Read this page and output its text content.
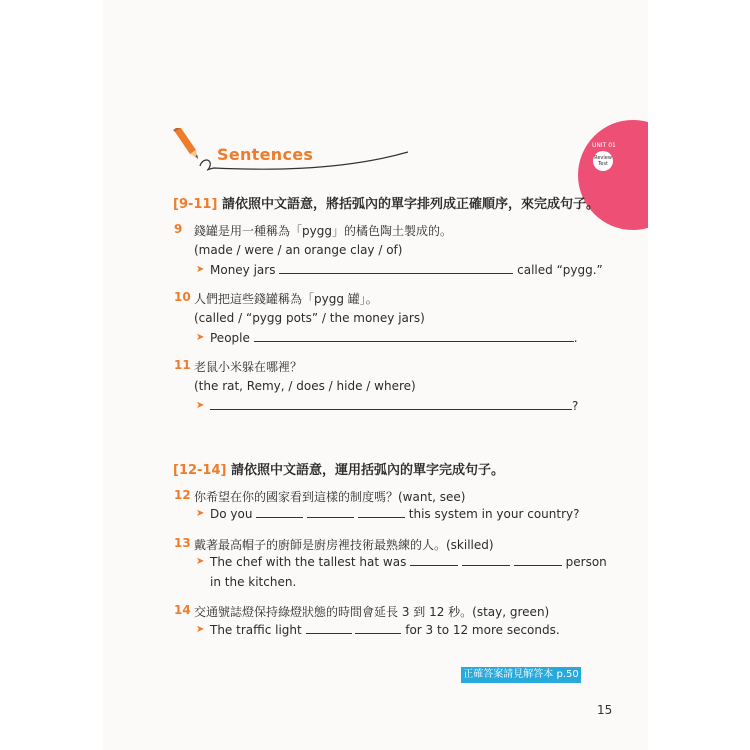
UNIT 01
Review
Test
Sentences
[9-11] 請依照中文語意，將括弧內的單字排列成正確順序，來完成句子。
9 錢罐是用一種稱為「pygg」的橘色陶土製成的。
(made / were / an orange clay / of)
➤ Money jars	called “pygg.”
10 人們把這些錢罐稱為「pygg 罐」。
(called / “pygg pots” / the money jars)
➤ People	.
11 老鼠小米躲在哪裡？
(the rat, Remy, / does / hide / where)
➤	?
[12-14] 請依照中文語意，運用括弧內的單字完成句子。
12 你希望在你的國家看到這樣的制度嗎？(want, see)
➤ Do you	this system in your country?
13 戴著最高帽子的廚師是廚房裡技術最熟練的人。(skilled)
➤ The chef with the tallest hat was	person
in the kitchen.
14 交通號誌燈保持綠燈狀態的時間會延長 3 到 12 秒。(stay, green)
➤ The traffic light	for 3 to 12 more seconds.
正確答案請見解答本 p.50
15
